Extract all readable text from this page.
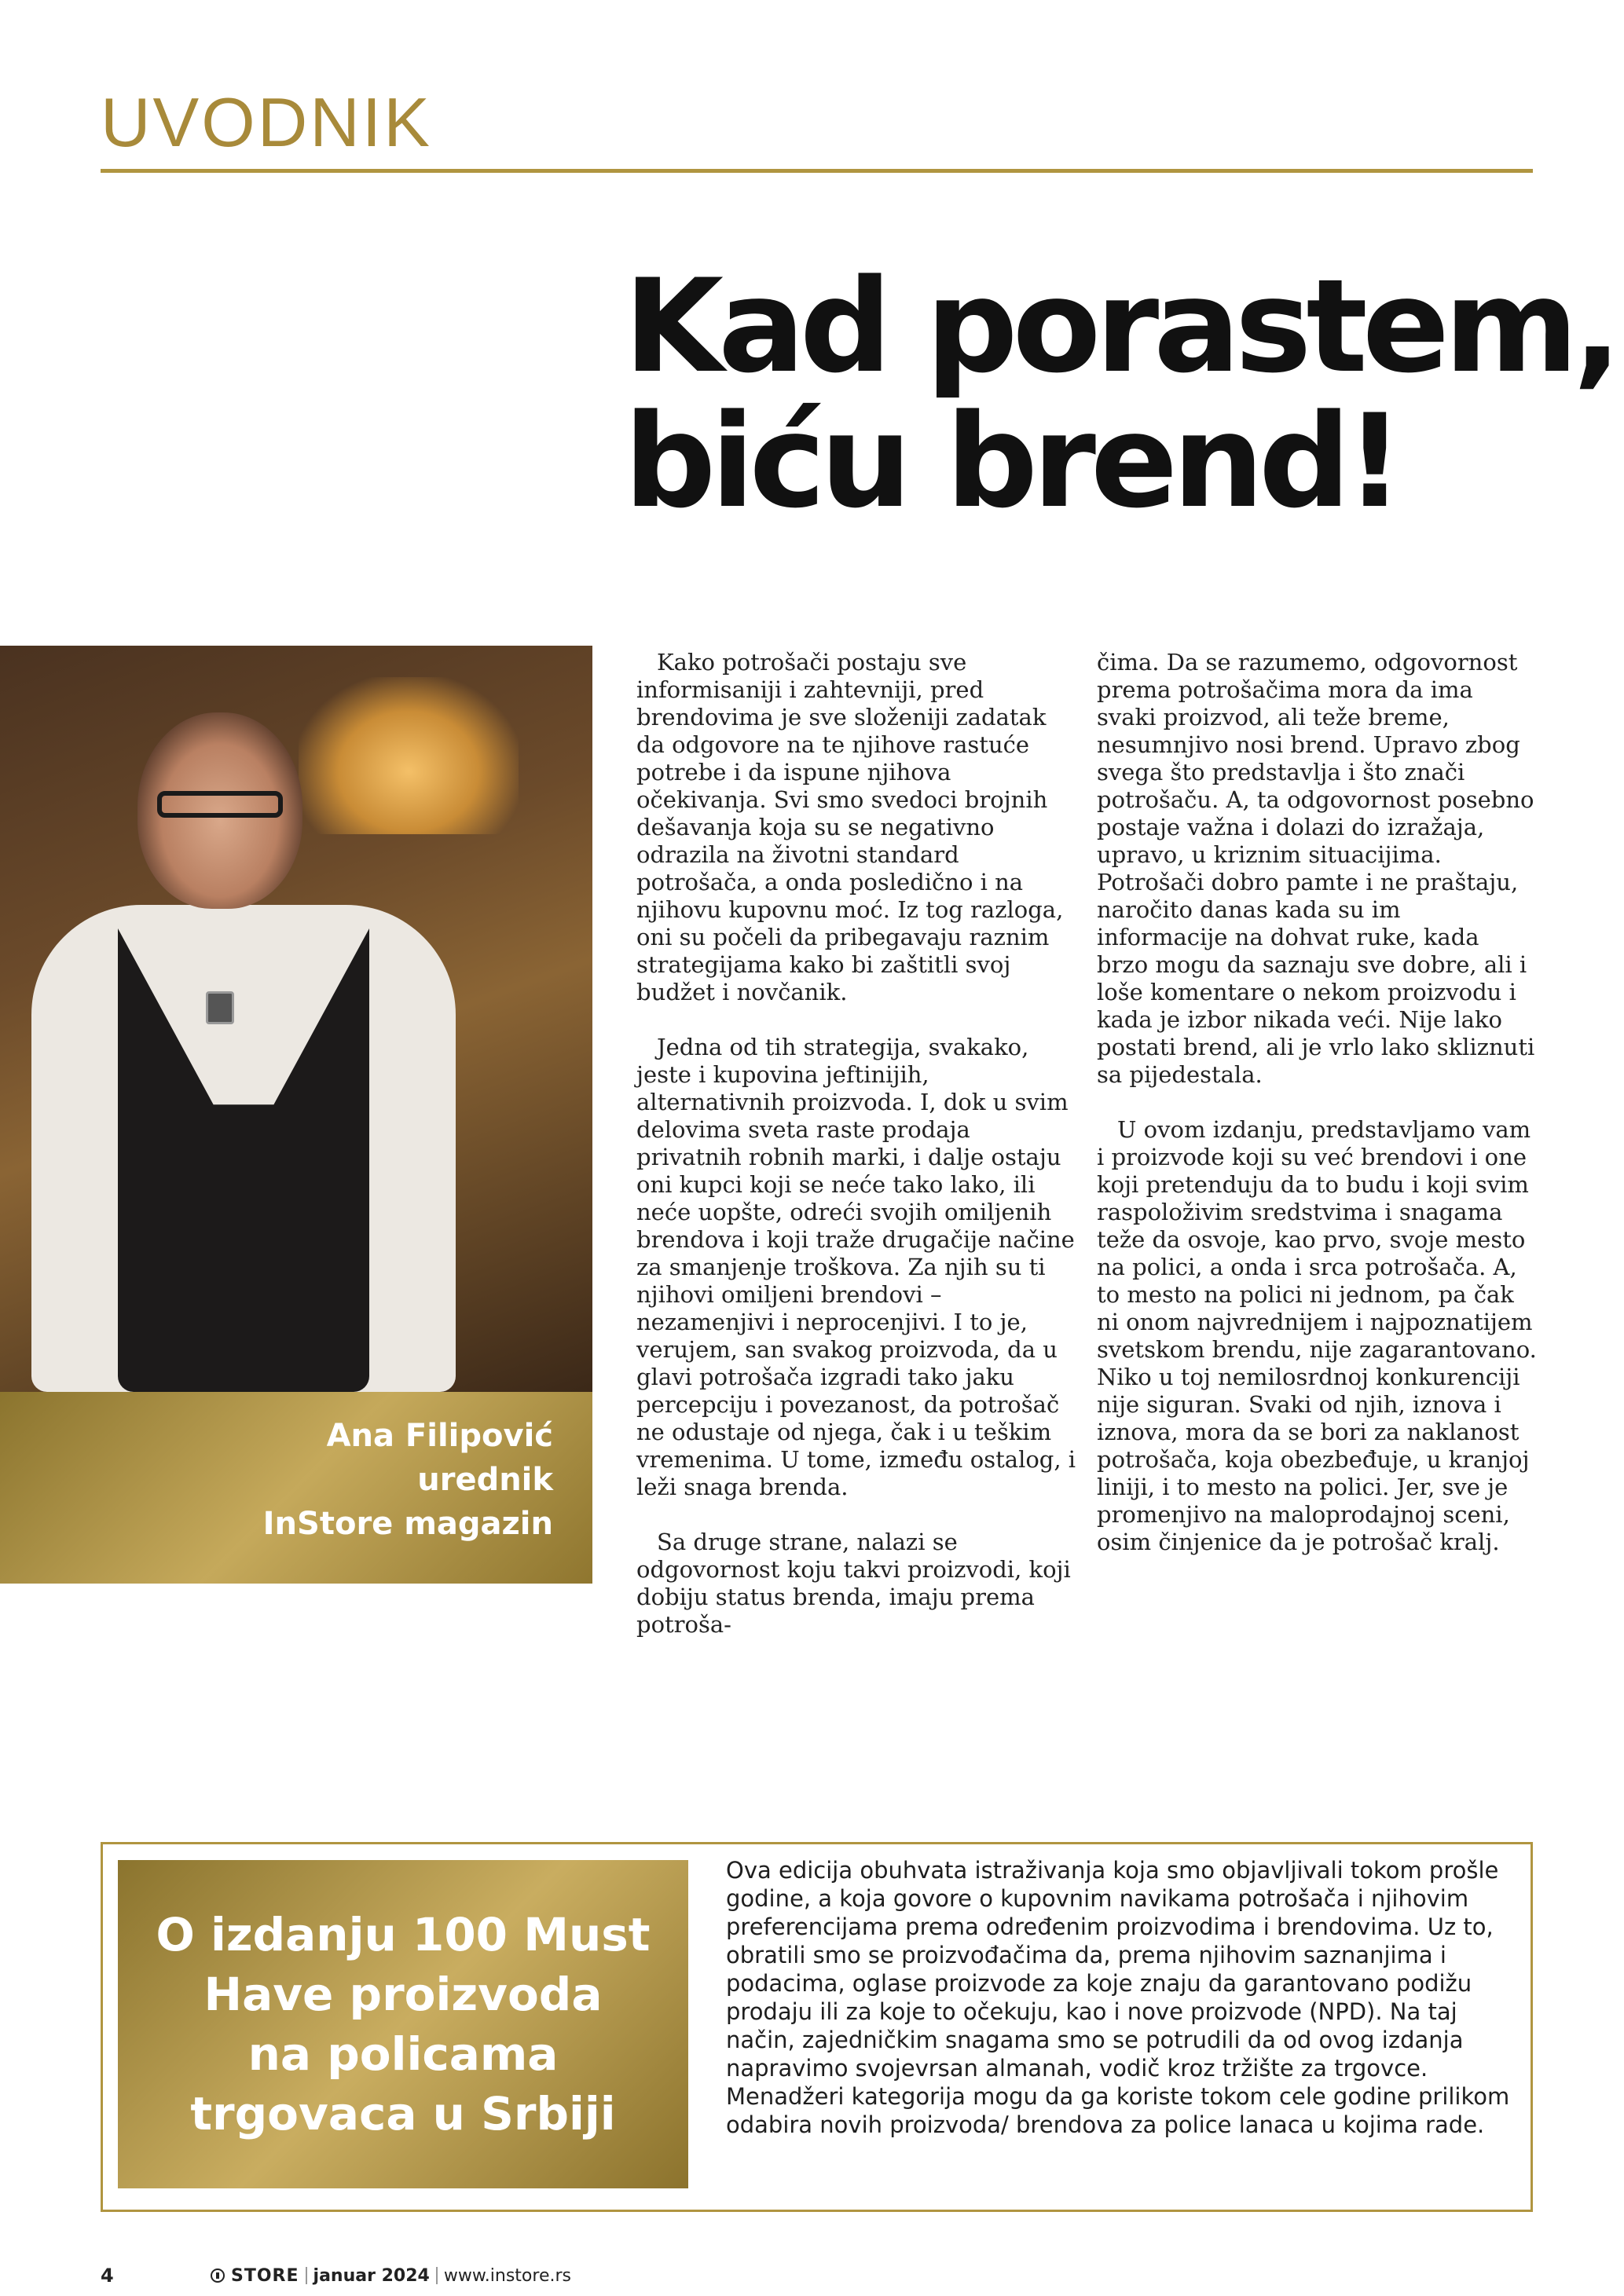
UVODNIK
Kad porastem,
biću brend!
Ana Filipović
urednik
InStore magazin

Kako potrošači postaju sve informisaniji i zahtevniji, pred brendovima je sve složeniji zadatak da odgovore na te njihove rastuće potrebe i da ispune njihova očekivanja. Svi smo svedoci brojnih dešavanja koja su se negativno odrazila na životni standard potrošača, a onda posledično i na njihovu kupovnu moć. Iz tog razloga, oni su počeli da pribegavaju raznim strategijama kako bi zaštitli svoj budžet i novčanik.

Jedna od tih strategija, svakako, jeste i kupovina jeftinijih, alternativnih proizvoda. I, dok u svim delovima sveta raste prodaja privatnih robnih marki, i dalje ostaju oni kupci koji se neće tako lako, ili neće uopšte, odreći svojih omiljenih brendova i koji traže drugačije načine za smanjenje troškova. Za njih su ti njihovi omiljeni brendovi – nezamenjivi i neprocenjivi. I to je, verujem, san svakog proizvoda, da u glavi potrošača izgradi tako jaku percepciju i povezanost, da potrošač ne odustaje od njega, čak i u teškim vremenima. U tome, između ostalog, i leži snaga brenda.

Sa druge strane, nalazi se odgovornost koju takvi proizvodi, koji dobiju status brenda, imaju prema potroša-

čima. Da se razumemo, odgovornost prema potrošačima mora da ima svaki proizvod, ali teže breme, nesumnjivo nosi brend. Upravo zbog svega što predstavlja i što znači potrošaču. A, ta odgovornost posebno postaje važna i dolazi do izražaja, upravo, u kriznim situacijima. Potrošači dobro pamte i ne praštaju, naročito danas kada su im informacije na dohvat ruke, kada brzo mogu da saznaju sve dobre, ali i loše komentare o nekom proizvodu i kada je izbor nikada veći. Nije lako postati brend, ali je vrlo lako skliznuti sa pijedestala.

U ovom izdanju, predstavljamo vam i proizvode koji su već brendovi i one koji pretenduju da to budu i koji svim raspoloživim sredstvima i snagama teže da osvoje, kao prvo, svoje mesto na polici, a onda i srca potrošača. A, to mesto na polici ni jednom, pa čak ni onom najvrednijem i najpoznatijem svetskom brendu, nije zagarantovano. Niko u toj nemilosrdnoj konkurenciji nije siguran. Svaki od njih, iznova i iznova, mora da se bori za naklanost potrošača, koja obezbeđuje, u kranjoj liniji, i to mesto na polici. Jer, sve je promenjivo na maloprodajnoj sceni, osim činjenice da je potrošač kralj.

O izdanju 100 Must
Have proizvoda
na policama
trgovaca u Srbiji

Ova edicija obuhvata istraživanja koja smo objavljivali tokom prošle godine, a koja govore o kupovnim navikama potrošača i njihovim preferencijama prema određenim proizvodima i brendovima. Uz to, obratili smo se proizvođačima da, prema njihovim saznanjima i podacima, oglase proizvode za koje znaju da garantovano podižu prodaju ili za koje to očekuju, kao i nove proizvode (NPD). Na taj način, zajedničkim snagama smo se potrudili da od ovog izdanja napravimo svojevrsan almanah, vodič kroz tržište za trgovce. Menadžeri kategorija mogu da ga koriste tokom cele godine prilikom odabira novih proizvoda/ brendova za police lanaca u kojima rade.

4	STORE januar 2024 www.instore.rs
